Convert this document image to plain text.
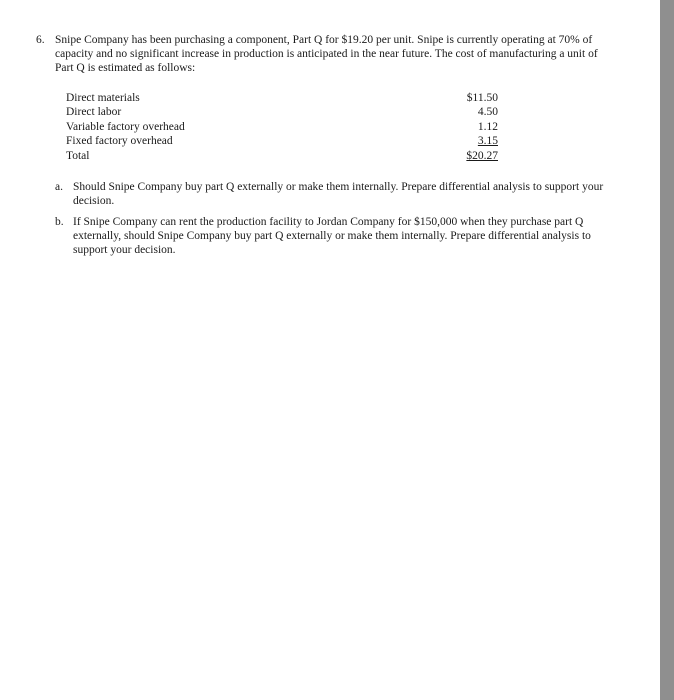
6. Snipe Company has been purchasing a component, Part Q for $19.20 per unit. Snipe is currently operating at 70% of capacity and no significant increase in production is anticipated in the near future. The cost of manufacturing a unit of Part Q is estimated as follows:
Direct materials	$11.50
Direct labor	4.50
Variable factory overhead	1.12
Fixed factory overhead	3.15
Total	$20.27
a. Should Snipe Company buy part Q externally or make them internally. Prepare differential analysis to support your decision.
b. If Snipe Company can rent the production facility to Jordan Company for $150,000 when they purchase part Q externally, should Snipe Company buy part Q externally or make them internally. Prepare differential analysis to support your decision.
